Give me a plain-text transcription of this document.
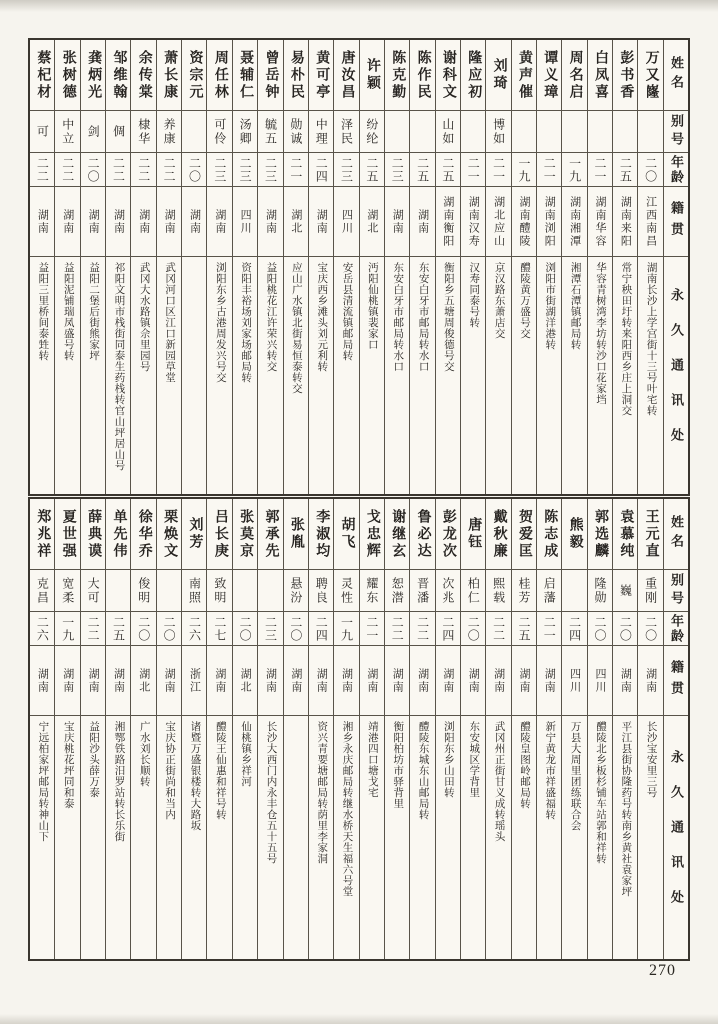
姓名
别号
年龄
籍贯
永久通讯处
万又嶐
二〇
江西南昌
湖南长沙上学宫街十三号叶宅转
彭书香
二五
湖南来阳
常宁秧田圩转来阳西乡庄上洞交
白凤喜
二一
湖南华容
华容青树湾李坊转沙口花家垱
周名启
一九
湖南湘潭
湘潭石潭镇邮局转
谭义璋
二一
湖南浏阳
浏阳市街湖洋港转
黄声催
一九
湖南醴陵
醴陵黄万盛号交
刘琦
博如
二一
湖北应山
京汉路东萧店交
隆应初
二一
湖南汉寿
汉寿同泰号转
谢科文
山如
二五
湖南衡阳
衡阳乡五塘周俊德号交
陈作民
二五
湖南
东安白牙市邮局转水口
陈克勤
二三
湖南
东安白牙市邮局转水口
许颖
纷纶
二五
湖北
沔阳仙桃镇裴家口
唐汝昌
泽民
二三
四川
安岳县清流镇邮局转
黄可亭
中理
二四
湖南
宝庆西乡滩头刘元利转
易朴民
勋诚
二一
湖北
应山广水镇北街易恒泰转交
曾岳钟
毓五
二三
湖南
益阳桃花江许荣兴转交
聂辅仁
汤卿
二三
四川
资阳丰裕场刘家场邮局转
周任林
可伶
二三
湖南
浏阳东乡古港周发兴号交
资宗元
二〇
湖南
萧长康
养康
二二
湖南
武冈河口区江口新园草堂
余传棠
棣华
二二
湖南
武冈大水路镇佘里园号
邹维翰
倜
二二
湖南
祁阳文明市栈街同泰生药栈转官山坪居山号
龚炳光
剑
二〇
湖南
益阳二堡后街熊家坪
张树德
中立
二二
湖南
益阳泥铺瑞凤盛号转
蔡杞材
可
二二
湖南
益阳三里桥间泰甡转
姓名
别号
年龄
籍贯
永久通讯处
王元直
重刚
二〇
湖南
长沙宝安里三号
袁慕纯
巍
二〇
湖南
平江县街协隆药号转南乡黄社袁家坪
郭选麟
隆勋
二〇
四川
醴陵北乡板杉铺车站郭和祥转
熊毅
二四
四川
万县大周里团练联合会
陈志成
启藩
二一
湖南
新宁黄龙市祥盛福转
贺爱匡
桂芳
二五
湖南
醴陵皇图岭邮局转
戴秋廉
熙载
二二
湖南
武冈州正街甘义成转瑶头
唐钰
柏仁
二〇
湖南
东安城区学背里
彭龙次
次兆
二四
湖南
浏阳东乡山田转
鲁必达
晋潘
二二
湖南
醴陵东城东山邮局转
谢继玄
恕潜
二二
湖南
衡阳柏坊市驿背里
戈忠辉
耀东
二一
湖南
靖港四口塘戈宅
胡飞
灵性
一九
湖南
湘乡永庆邮局转继水桥天生福六号堂
李淑均
聘良
二四
湖南
资兴青要塘邮局转荫里李家洞
张胤
悬汾
二〇
湖南
郭承先
二三
湖南
长沙大西门内永丰仓五十五号
张莫京
二〇
湖北
仙桃镇乡祥河
吕长庚
致明
二七
湖南
醴陵王仙惠和祥号转
刘芳
南照
二六
浙江
诸暨万盛银楼转大路坂
栗焕文
二〇
湖南
宝庆协正街尚和当内
徐华乔
俊明
二〇
湖北
广水刘长顺转
单先伟
二五
湖南
湘鄂铁路汨罗站转长乐街
薛典谟
大可
二二
湖南
益阳沙头薛万泰
夏世强
宽柔
一九
湖南
宝庆桃花坪同和泰
郑兆祥
克昌
二六
湖南
宁远柏家坪邮局转神山下
270
